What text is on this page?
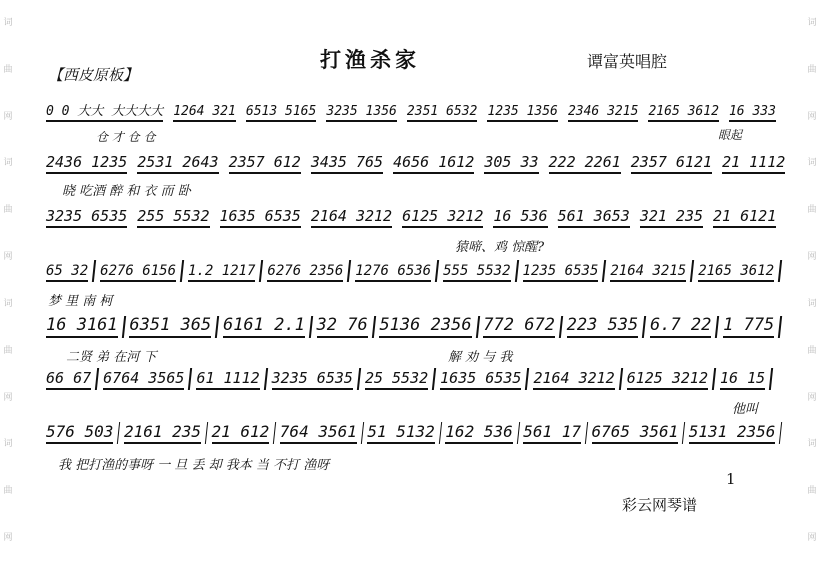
词
曲
网
词
曲
网
词
曲
网
词
曲
网
词
曲
网
词
曲
网
词
曲
网
词
曲
网
打渔杀家	谭富英唱腔
【西皮原板】
0 0 大大 大大大大 1264 321 6513 5165 3235 1356 2351 6532 1235 1356 2346 3215 2165 3612 16 333
2436 1235 2531 2643 2357 612 3435 765 4656 1612 305 33 222 2261 2357 6121 21 1112
3235 6535 255 5532 1635 6535 2164 3212 6125 3212 16 536 561 3653 321 235 21 6121
65 32 6276 6156 1.2 1217 6276 2356 1276 6536 555 5532 1235 6535 2164 3215 2165 3612
16 3161 6351 365 6161 2.1 32 76 5136 2356 772 672 223 535 6.7 22 1 775
66 67 6764 3565 61 1112 3235 6535 25 5532 1635 6535 2164 3212 6125 3212 16 15
576 503 2161 235 21 612 764 3561 51 5132 162 536 561 17 6765 3561 5131 2356
仓 才 仓 仓	眼起
晓 吃酒 醉 和 衣 而 卧
猿啼、鸡 惊醒?
梦 里 南 柯
二贤 弟 在河 下	解 劝 与 我
他叫
我 把打渔的事呀 一 旦 丢 却 我本 当 不打 渔呀
1
彩云网琴谱
